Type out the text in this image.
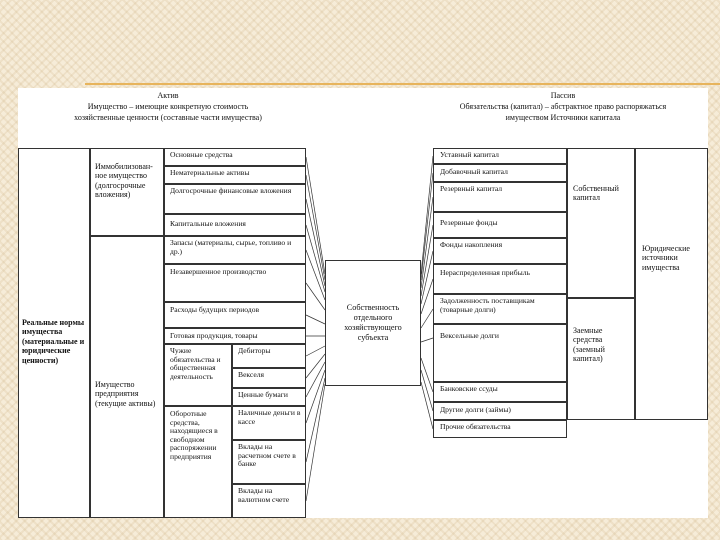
Актив
Имущество – имеющие конкретную стоимость
хозяйственные ценности (составные части имущества)
Пассив
Обязательства (капитал) – абстрактное право распоряжаться
имуществом Источники капитала
Реальные нормы имущества (материальные и юридические ценности)
Иммобилизован-ное имущество (долгосрочные вложения)
Имущество предприятия (текущие активы)
Основные средства
Нематериальные активы
Долгосрочные финансовые вложения
Капитальные вложения
Запасы (материалы, сырье, топливо и др.)
Незавершенное производство
Расходы будущих периодов
Готовая продукция, товары
Чужие обязательства и общественная деятельность
Оборотные средства, находящиеся в свободном распоряжении предприятия
Дебиторы
Векселя
Ценные бумаги
Наличные деньги в кассе
Вклады на расчетном счете в банке
Вклады на валютном счете
Собственность отдельного хозяйствующего субъекта
Уставный капитал
Добавочный капитал
Резервный капитал
Резервные фонды
Фонды накопления
Нераспределенная прибыль
Задолженность поставщикам (товарные долги)
Вексельные долги
Банковские ссуды
Другие долги (займы)
Прочие обязательства
Собственный капитал
Заемные средства (заемный капитал)
Юридические источники имущества
